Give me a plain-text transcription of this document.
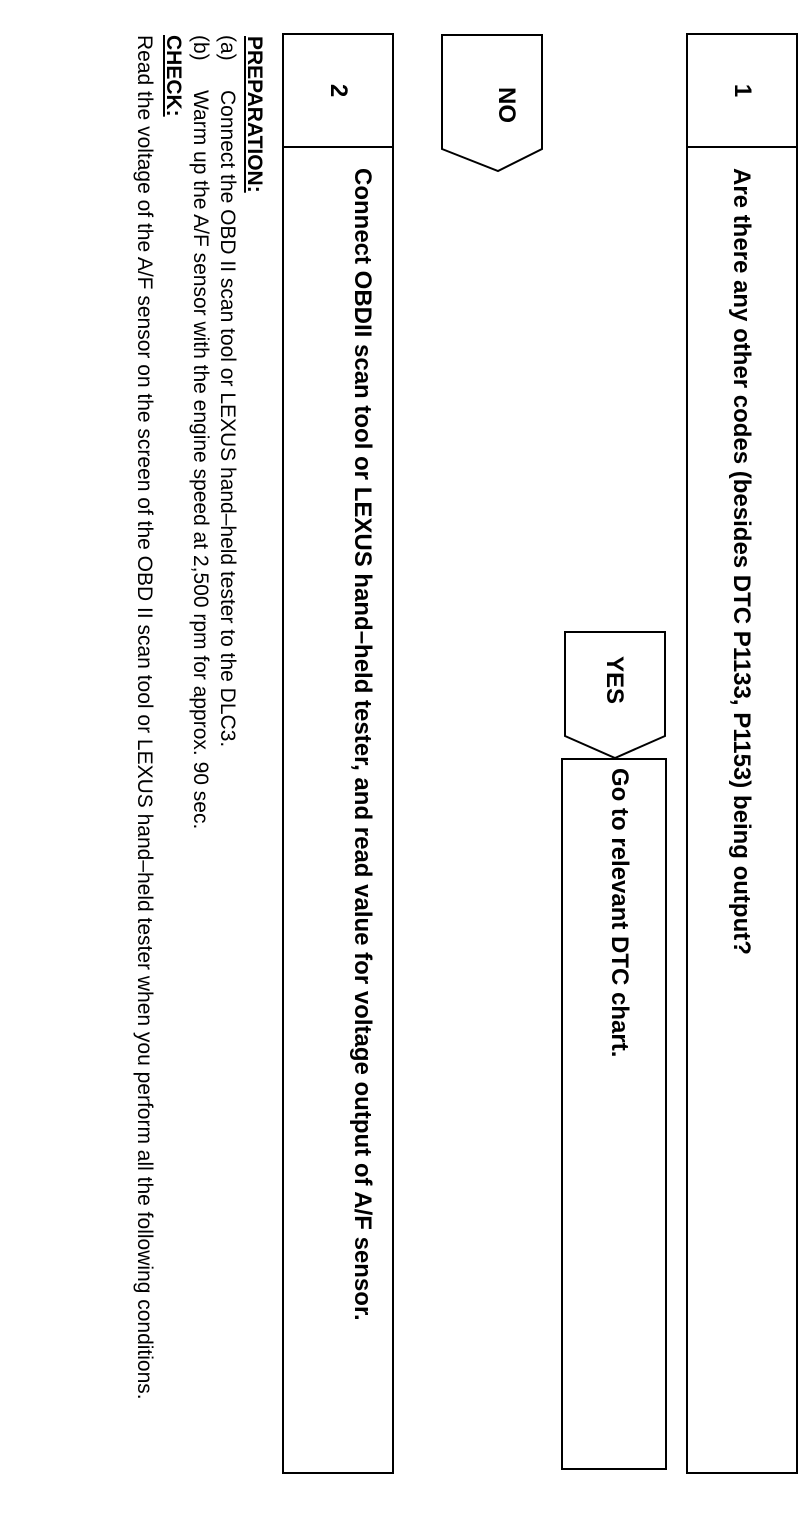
1
Are there any other codes (besides DTC P1133, P1153) being output?
YES
Go to relevant DTC chart.
NO
2
Connect OBDII scan tool or LEXUS hand–held tester, and read value for voltage output of A/F sensor.
PREPARATION:
(a)
Connect the OBD II scan tool or LEXUS hand–held tester to the DLC3.
(b)
Warm up the A/F sensor with the engine speed at 2,500 rpm for approx. 90 sec.
CHECK:
Read the voltage of the A/F sensor on the screen of the OBD II scan tool or LEXUS hand–held tester when you perform all the following conditions.
